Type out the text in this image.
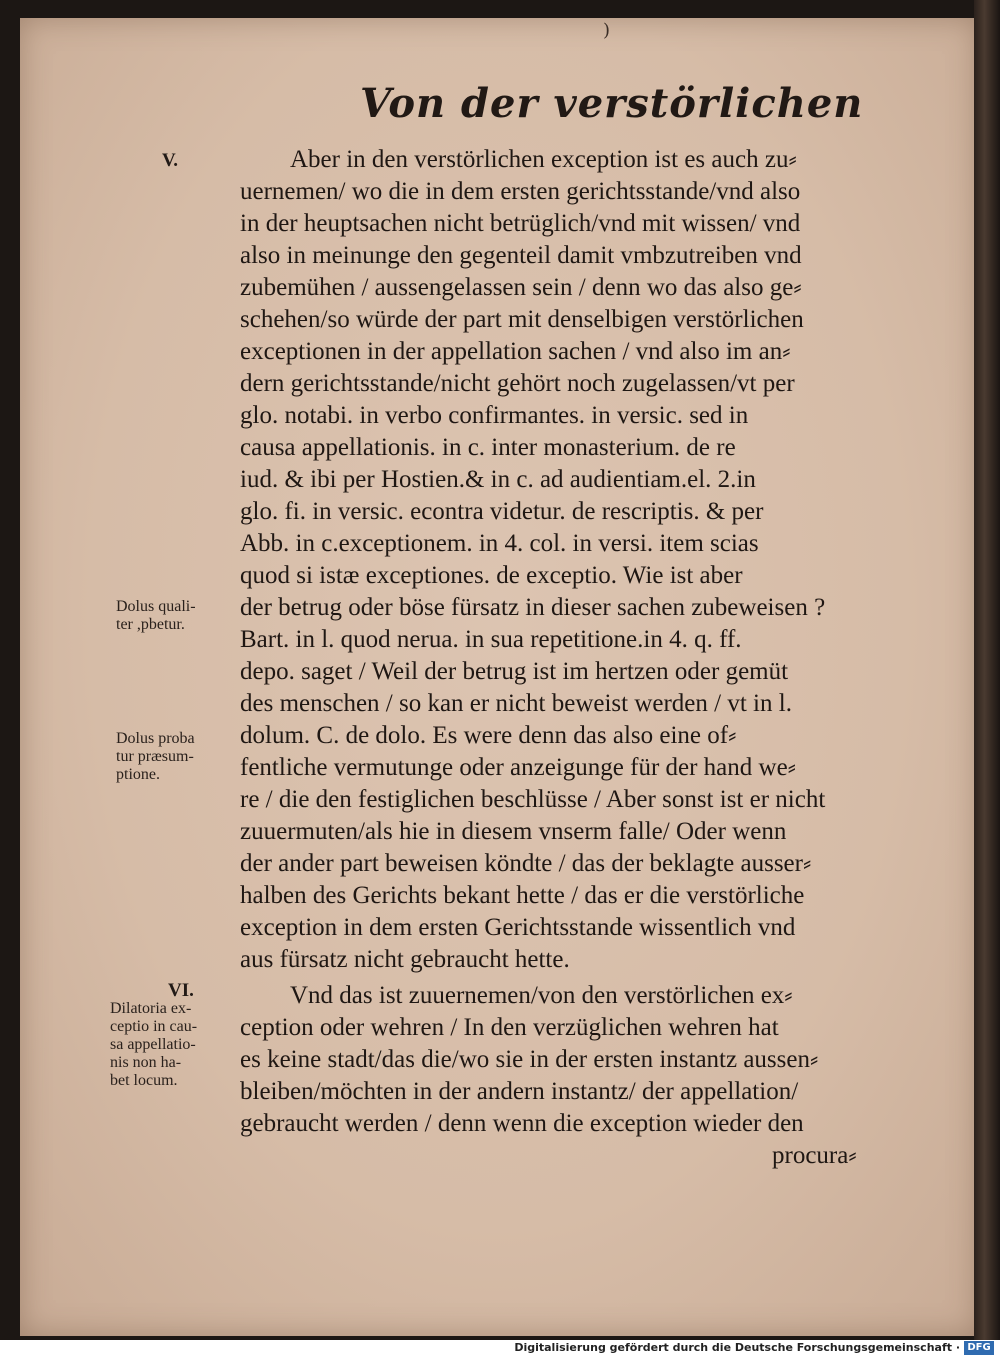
)
Von der verstörlichen
V.
Dolus quali-
ter ,pbetur.
Dolus proba
tur præsum-
ptione.
VI.
Dilatoria ex-
ceptio in cau-
sa appellatio-
nis non ha-
bet locum.
Aber in den verstörlichen exception ist es auch zu⸗
uernemen/ wo die in dem ersten gerichtsstande/vnd also
in der heuptsachen nicht betrüglich/vnd mit wissen/ vnd
also in meinunge den gegenteil damit vmbzutreiben vnd
zubemühen / aussengelassen sein / denn wo das also ge⸗
schehen/so würde der part mit denselbigen verstörlichen
exceptionen in der appellation sachen / vnd also im an⸗
dern gerichtsstande/nicht gehört noch zugelassen/vt per
glo. notabi. in verbo confirmantes. in versic. sed in
causa appellationis. in c. inter monasterium. de re
iud. & ibi per Hostien.& in c. ad audientiam.el. 2.in
glo. fi. in versic. econtra videtur. de rescriptis. & per
Abb. in c.exceptionem. in 4. col. in versi. item scias
quod si istæ exceptiones. de exceptio. Wie ist aber
der betrug oder böse fürsatz in dieser sachen zubeweisen ?
Bart. in l. quod nerua. in sua repetitione.in 4. q. ff.
depo. saget / Weil der betrug ist im hertzen oder gemüt
des menschen / so kan er nicht beweist werden / vt in l.
dolum. C. de dolo. Es were denn das also eine of⸗
fentliche vermutunge oder anzeigunge für der hand we⸗
re / die den festiglichen beschlüsse / Aber sonst ist er nicht
zuuermuten/als hie in diesem vnserm falle/ Oder wenn
der ander part beweisen köndte / das der beklagte ausser⸗
halben des Gerichts bekant hette / das er die verstörliche
exception in dem ersten Gerichtsstande wissentlich vnd
aus fürsatz nicht gebraucht hette.
Vnd das ist zuuernemen/von den verstörlichen ex⸗
ception oder wehren / In den verzüglichen wehren hat
es keine stadt/das die/wo sie in der ersten instantz aussen⸗
bleiben/möchten in der andern instantz/ der appellation/
gebraucht werden / denn wenn die exception wieder den
procura⸗
Digitalisierung gefördert durch die Deutsche Forschungsgemeinschaft · DFG
